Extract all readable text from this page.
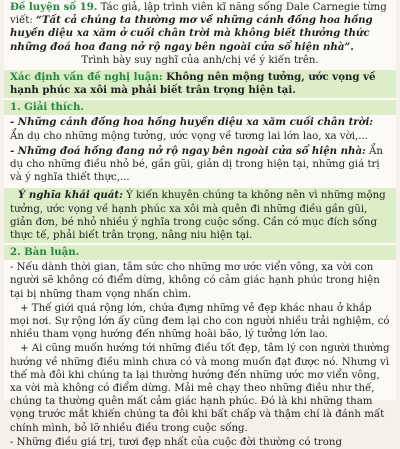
Đề luyện số 19. Tác giả, lập trình viên kĩ năng sống Dale Carnegie từng viết: “Tất cả chúng ta thường mơ về những cánh đồng hoa hồng huyền diệu xa xăm ở cuối chân trời mà không biết thưởng thức những đoá hoa đang nở rộ ngay bên ngoài cửa sổ hiện nhà”.
Trình bày suy nghĩ của anh/chị về ý kiến trên.
Xác định vấn đề nghị luận: Không nên mộng tưởng, ước vọng về hạnh phúc xa xôi mà phải biết trân trọng hiện tại.
1. Giải thích.
- Những cánh đồng hoa hồng huyền diệu xa xăm cuối chân trời: Ẩn dụ cho những mộng tưởng, ước vọng về tương lai lớn lao, xa vời,...
- Những đoá hồng đang nở rộ ngay bên ngoài cửa sổ hiện nhà: Ẩn dụ cho những điều nhỏ bé, gần gũi, giản dị trong hiện tại, những giá trị và ý nghĩa thiết thực,...
Ý nghĩa khái quát: Ý kiến khuyên chúng ta không nên vì những mộng tưởng, ước vọng về hạnh phúc xa xôi mà quên đi những điều gần gũi, giản đơn, bé nhỏ nhiều ý nghĩa trong cuộc sống. Cần có mục đích sống thực tế, phải biết trân trọng, nâng niu hiện tại.
2. Bàn luận.
- Nếu dành thời gian, tâm sức cho những mơ ước viển vông, xa vời con người sẽ không có điểm dừng, không có cảm giác hạnh phúc trong hiện tại bị những tham vọng nhấn chìm.
+ Thế giới quá rộng lớn, chứa đựng những vẻ đẹp khác nhau ở khắp mọi nơi. Sự rộng lớn ấy cũng đem lại cho con người nhiều trải nghiệm, có nhiều tham vọng hướng đến những hoài bão, lý tưởng lớn lao.
+ Ai cũng muốn hướng tới những điều tốt đẹp, tâm lý con người thường hướng về những điều mình chưa có và mong muốn đạt được nó. Nhưng vì thế mà đôi khi chúng ta lại thường hướng đến những ước mơ viển vông, xa vời mà không có điểm dừng. Mải mê chạy theo những điều như thế, chúng ta thường quên mất cảm giác hạnh phúc. Đó là khi những tham vọng trước mắt khiến chúng ta đôi khi bất chấp và thậm chí là đánh mất chính mình, bỏ lỡ nhiều điều trong cuộc sống.
- Những điều giá trị, tươi đẹp nhất của cuộc đời thường có trong
